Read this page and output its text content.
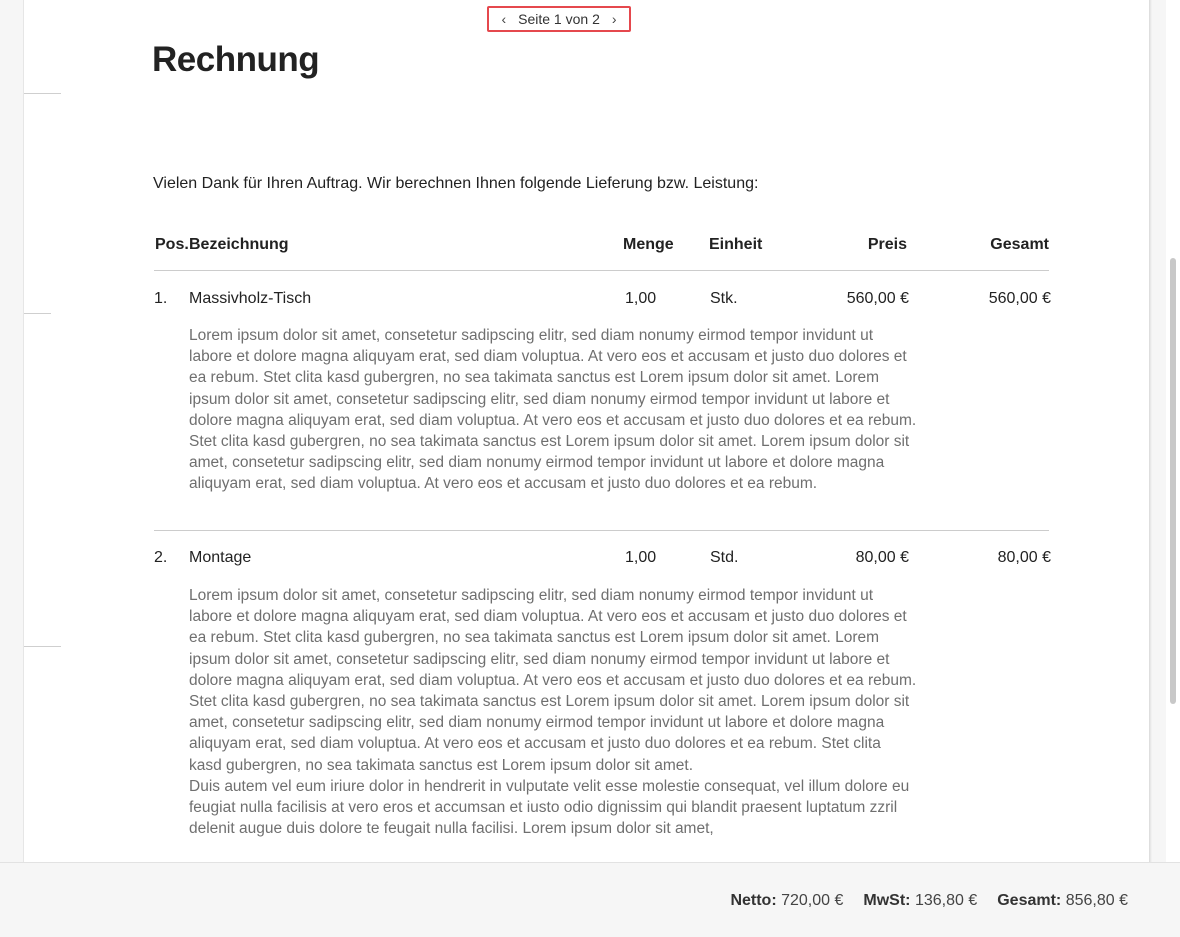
Rechnung

Vielen Dank für Ihren Auftrag. Wir berechnen Ihnen folgende Lieferung bzw. Leistung:

Pos. Bezeichnung	Menge Einheit	Preis	Gesamt
1. Massivholz-Tisch	1,00	Stk.	560,00 €	560,00 €

Lorem ipsum dolor sit amet, consetetur sadipscing elitr, sed diam nonumy eirmod tempor invidunt ut labore et dolore magna aliquyam erat, sed diam voluptua. At vero eos et accusam et justo duo dolores et ea rebum. Stet clita kasd gubergren, no sea takimata sanctus est Lorem ipsum dolor sit amet. Lorem ipsum dolor sit amet, consetetur sadipscing elitr, sed diam nonumy eirmod tempor invidunt ut labore et dolore magna aliquyam erat, sed diam voluptua. At vero eos et accusam et justo duo dolores et ea rebum. Stet clita kasd gubergren, no sea takimata sanctus est Lorem ipsum dolor sit amet. Lorem ipsum dolor sit amet, consetetur sadipscing elitr, sed diam nonumy eirmod tempor invidunt ut labore et dolore magna aliquyam erat, sed diam voluptua. At vero eos et accusam et justo duo dolores et ea rebum.

2. Montage	1,00	Std.	80,00 €	80,00 €

Lorem ipsum dolor sit amet, consetetur sadipscing elitr, sed diam nonumy eirmod tempor invidunt ut labore et dolore magna aliquyam erat, sed diam voluptua. At vero eos et accusam et justo duo dolores et ea rebum. Stet clita kasd gubergren, no sea takimata sanctus est Lorem ipsum dolor sit amet. Lorem ipsum dolor sit amet, consetetur sadipscing elitr, sed diam nonumy eirmod tempor invidunt ut labore et dolore magna aliquyam erat, sed diam voluptua. At vero eos et accusam et justo duo dolores et ea rebum. Stet clita kasd gubergren, no sea takimata sanctus est Lorem ipsum dolor sit amet. Lorem ipsum dolor sit amet, consetetur sadipscing elitr, sed diam nonumy eirmod tempor invidunt ut labore et dolore magna aliquyam erat, sed diam voluptua. At vero eos et accusam et justo duo dolores et ea rebum. Stet clita kasd gubergren, no sea takimata sanctus est Lorem ipsum dolor sit amet.

Duis autem vel eum iriure dolor in hendrerit in vulputate velit esse molestie consequat, vel illum dolore eu feugiat nulla facilisis at vero eros et accumsan et iusto odio dignissim qui blandit praesent luptatum zzril delenit augue duis dolore te feugait nulla facilisi. Lorem ipsum dolor sit amet,

‹ Seite 1 von 2 ›
Netto: 720,00 € MwSt: 136,80 € Gesamt: 856,80 €
